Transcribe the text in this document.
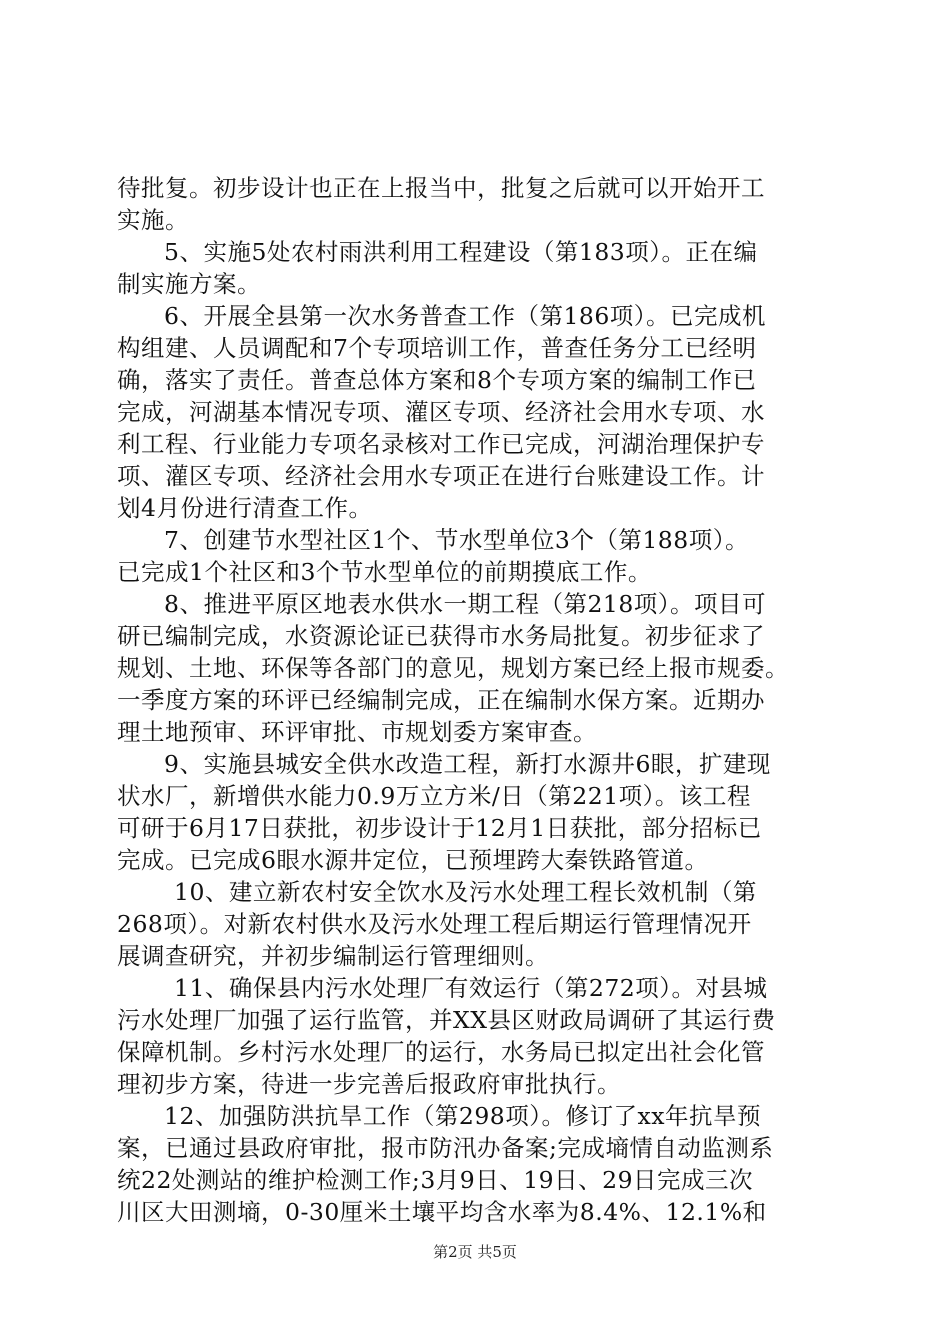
待批复。初步设计也正在上报当中，批复之后就可以开始开工
实施。
5、实施5处农村雨洪利用工程建设（第183项）。正在编
制实施方案。
6、开展全县第一次水务普查工作（第186项）。已完成机
构组建、人员调配和7个专项培训工作，普查任务分工已经明
确，落实了责任。普查总体方案和8个专项方案的编制工作已
完成，河湖基本情况专项、灌区专项、经济社会用水专项、水
利工程、行业能力专项名录核对工作已完成，河湖治理保护专
项、灌区专项、经济社会用水专项正在进行台账建设工作。计
划4月份进行清查工作。
7、创建节水型社区1个、节水型单位3个（第188项）。
已完成1个社区和3个节水型单位的前期摸底工作。
8、推进平原区地表水供水一期工程（第218项）。项目可
研已编制完成，水资源论证已获得市水务局批复。初步征求了
规划、土地、环保等各部门的意见，规划方案已经上报市规委。
一季度方案的环评已经编制完成，正在编制水保方案。近期办
理土地预审、环评审批、市规划委方案审查。
9、实施县城安全供水改造工程，新打水源井6眼，扩建现
状水厂，新增供水能力0.9万立方米/日（第221项）。该工程
可研于6月17日获批，初步设计于12月1日获批，部分招标已
完成。已完成6眼水源井定位，已预埋跨大秦铁路管道。
10、建立新农村安全饮水及污水处理工程长效机制（第
268项）。对新农村供水及污水处理工程后期运行管理情况开
展调查研究，并初步编制运行管理细则。
11、确保县内污水处理厂有效运行（第272项）。对县城
污水处理厂加强了运行监管，并XX县区财政局调研了其运行费
保障机制。乡村污水处理厂的运行，水务局已拟定出社会化管
理初步方案，待进一步完善后报政府审批执行。
12、加强防洪抗旱工作（第298项）。修订了xx年抗旱预
案，已通过县政府审批，报市防汛办备案;完成墒情自动监测系
统22处测站的维护检测工作;3月9日、19日、29日完成三次
川区大田测墒，0-30厘米土壤平均含水率为8.4%、12.1%和
第2页 共5页
